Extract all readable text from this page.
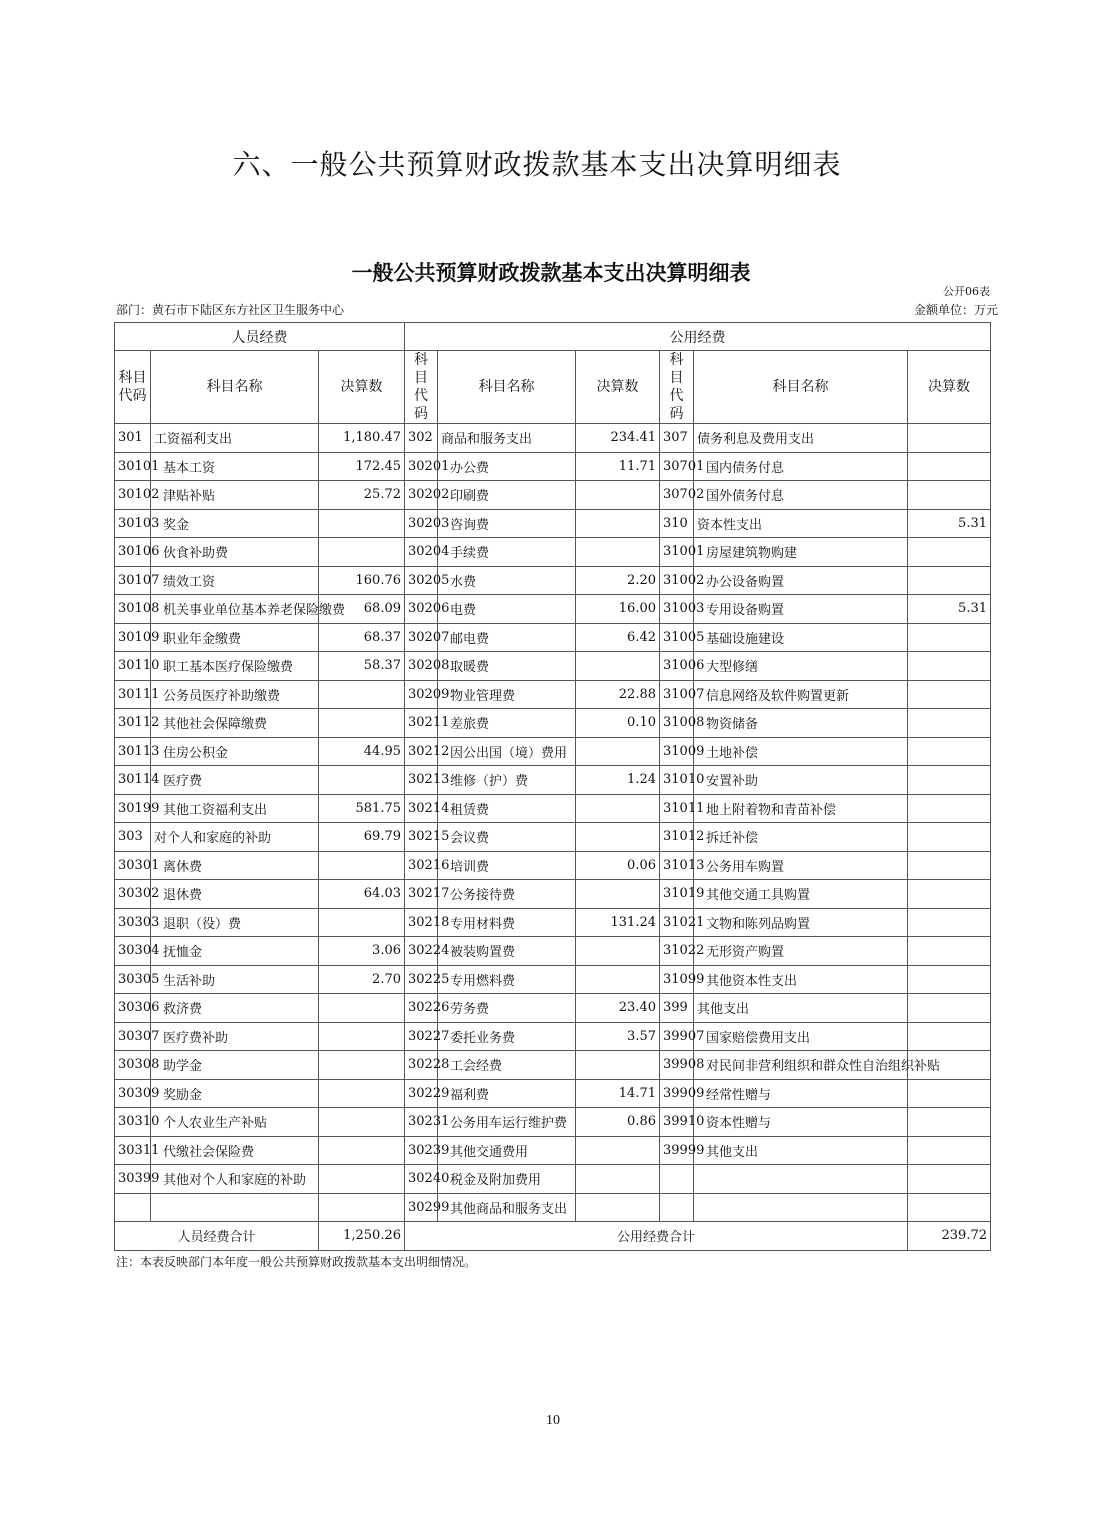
六、一般公共预算财政拨款基本支出决算明细表
一般公共预算财政拨款基本支出决算明细表
公开06表
部门：黄石市下陆区东方社区卫生服务中心	金额单位：万元
人员经费			公用经费					
科目代码	科目名称	决算数	科目代码	科目名称	决算数	科目代码	科目名称	决算数
301	工资福利支出	1,180.47	302	商品和服务支出	234.41	307	债务利息及费用支出	
30101	基本工资	172.45	30201	办公费	11.71	30701	国内债务付息	
30102	津贴补贴	25.72	30202	印刷费		30702	国外债务付息	
30103	奖金		30203	咨询费		310	资本性支出	5.31
30106	伙食补助费		30204	手续费		31001	房屋建筑物购建	
30107	绩效工资	160.76	30205	水费	2.20	31002	办公设备购置	
30108	机关事业单位基本养老保险缴费	68.09	30206	电费	16.00	31003	专用设备购置	5.31
30109	职业年金缴费	68.37	30207	邮电费	6.42	31005	基础设施建设	
30110	职工基本医疗保险缴费	58.37	30208	取暖费		31006	大型修缮	
30111	公务员医疗补助缴费		30209	物业管理费	22.88	31007	信息网络及软件购置更新	
30112	其他社会保障缴费		30211	差旅费	0.10	31008	物资储备	
30113	住房公积金	44.95	30212	因公出国（境）费用		31009	土地补偿	
30114	医疗费		30213	维修（护）费	1.24	31010	安置补助	
30199	其他工资福利支出	581.75	30214	租赁费		31011	地上附着物和青苗补偿	
303	对个人和家庭的补助	69.79	30215	会议费		31012	拆迁补偿	
30301	离休费		30216	培训费	0.06	31013	公务用车购置	
30302	退休费	64.03	30217	公务接待费		31019	其他交通工具购置	
30303	退职（役）费		30218	专用材料费	131.24	31021	文物和陈列品购置	
30304	抚恤金	3.06	30224	被装购置费		31022	无形资产购置	
30305	生活补助	2.70	30225	专用燃料费		31099	其他资本性支出	
30306	救济费		30226	劳务费	23.40	399	其他支出	
30307	医疗费补助		30227	委托业务费	3.57	39907	国家赔偿费用支出	
30308	助学金		30228	工会经费		39908	对民间非营利组织和群众性自治组织补贴	
30309	奖励金		30229	福利费	14.71	39909	经常性赠与	
30310	个人农业生产补贴		30231	公务用车运行维护费	0.86	39910	资本性赠与	
30311	代缴社会保险费		30239	其他交通费用		39999	其他支出	
30399	其他对个人和家庭的补助		30240	税金及附加费用				
			30299	其他商品和服务支出				
人员经费合计		1,250.26	公用经费合计					239.72
注：本表反映部门本年度一般公共预算财政拨款基本支出明细情况。
10
